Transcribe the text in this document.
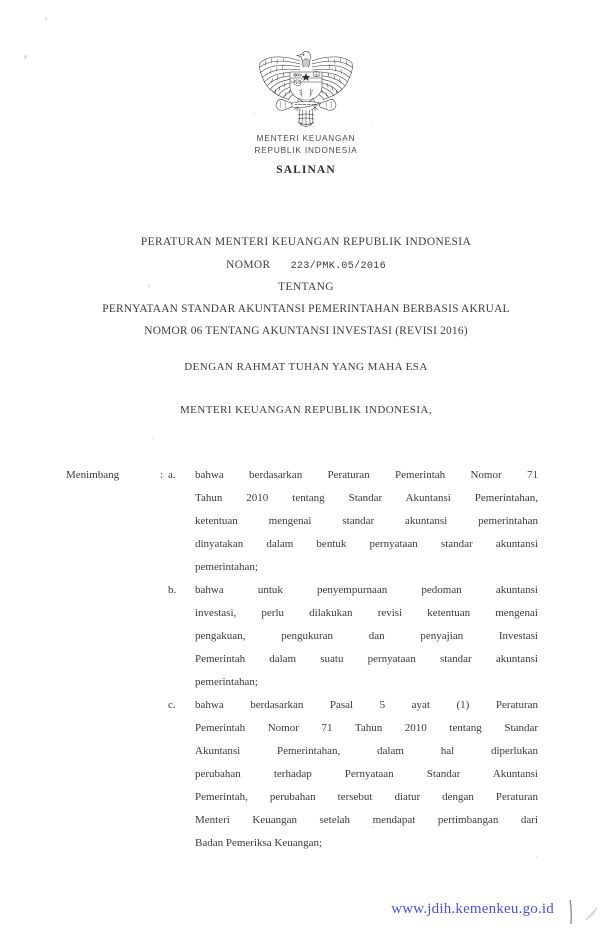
MENTERI KEUANGAN
REPUBLIK INDONESIA
SALINAN
PERATURAN MENTERI KEUANGAN REPUBLIK INDONESIA
NOMOR 223/PMK.05/2016
TENTANG
PERNYATAAN STANDAR AKUNTANSI PEMERINTAHAN BERBASIS AKRUAL
NOMOR 06 TENTANG AKUNTANSI INVESTASI (REVISI 2016)
DENGAN RAHMAT TUHAN YANG MAHA ESA
MENTERI KEUANGAN REPUBLIK INDONESIA,
Menimbang	: a.	bahwa berdasarkan Peraturan Pemerintah Nomor 71
Tahun 2010 tentang Standar Akuntansi Pemerintahan,
ketentuan mengenai standar akuntansi pemerintahan
dinyatakan dalam bentuk pernyataan standar akuntansi
pemerintahan;
b.	bahwa untuk penyempurnaan pedoman akuntansi
investasi, perlu dilakukan revisi ketentuan mengenai
pengakuan, pengukuran dan penyajian Investasi
Pemerintah dalam suatu pernyataan standar akuntansi
pemerintahan;
c.	bahwa berdasarkan Pasal 5 ayat (1) Peraturan
Pemerintah Nomor 71 Tahun 2010 tentang Standar
Akuntansi Pemerintahan, dalam hal diperlukan
perubahan terhadap Pernyataan Standar Akuntansi
Pemerintah, perubahan tersebut diatur dengan Peraturan
Menteri Keuangan setelah mendapat pertimbangan dari
Badan Pemeriksa Keuangan;
www.jdih.kemenkeu.go.id
